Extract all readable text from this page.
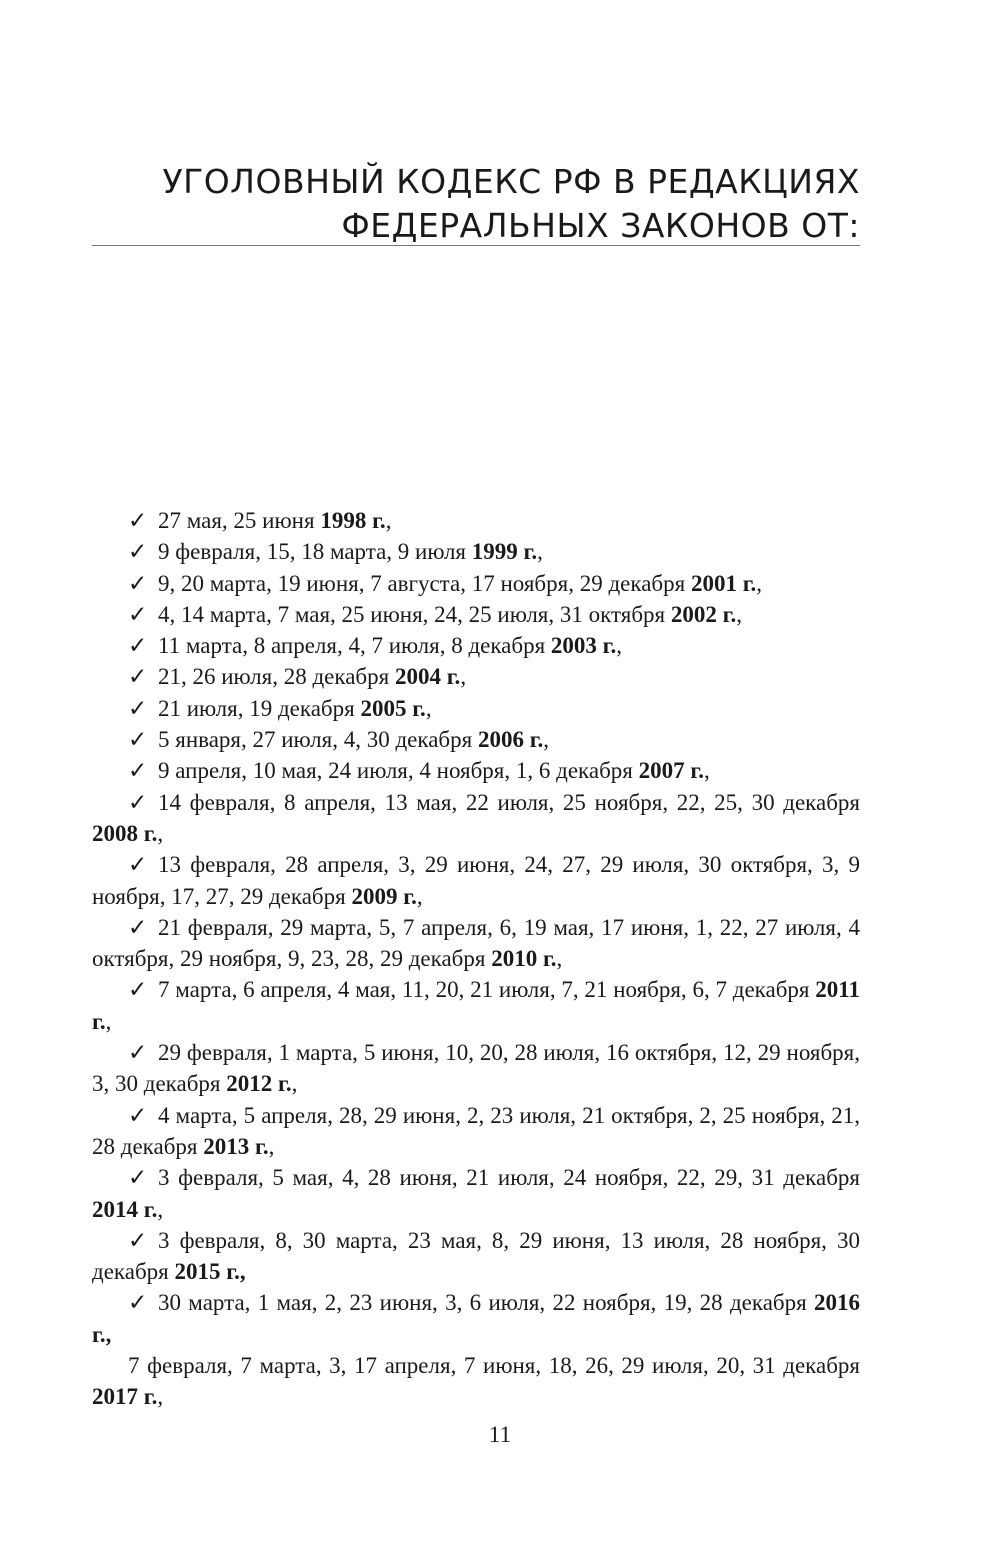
УГОЛОВНЫЙ КОДЕКС РФ В РЕДАКЦИЯХ
ФЕДЕРАЛЬНЫХ ЗАКОНОВ ОТ:

✓ 27 мая, 25 июня 1998 г.,

✓ 9 февраля, 15, 18 марта, 9 июля 1999 г.,

✓ 9, 20 марта, 19 июня, 7 августа, 17 ноября, 29 декабря 2001 г.,

✓ 4, 14 марта, 7 мая, 25 июня, 24, 25 июля, 31 октября 2002 г.,

✓ 11 марта, 8 апреля, 4, 7 июля, 8 декабря 2003 г.,

✓ 21, 26 июля, 28 декабря 2004 г.,

✓ 21 июля, 19 декабря 2005 г.,

✓ 5 января, 27 июля, 4, 30 декабря 2006 г.,

✓ 9 апреля, 10 мая, 24 июля, 4 ноября, 1, 6 декабря 2007 г.,

✓ 14 февраля, 8 апреля, 13 мая, 22 июля, 25 ноября, 22, 25, 30 декабря 2008 г.,

✓ 13 февраля, 28 апреля, 3, 29 июня, 24, 27, 29 июля, 30 октября, 3, 9 ноября, 17, 27, 29 декабря 2009 г.,

✓ 21 февраля, 29 марта, 5, 7 апреля, 6, 19 мая, 17 июня, 1, 22, 27 июля, 4 октября, 29 ноября, 9, 23, 28, 29 декабря 2010 г.,

✓ 7 марта, 6 апреля, 4 мая, 11, 20, 21 июля, 7, 21 ноября, 6, 7 декабря 2011 г.,

✓ 29 февраля, 1 марта, 5 июня, 10, 20, 28 июля, 16 октября, 12, 29 ноября, 3, 30 декабря 2012 г.,

✓ 4 марта, 5 апреля, 28, 29 июня, 2, 23 июля, 21 октября, 2, 25 ноября, 21, 28 декабря 2013 г.,

✓ 3 февраля, 5 мая, 4, 28 июня, 21 июля, 24 ноября, 22, 29, 31 декабря 2014 г.,

✓ 3 февраля, 8, 30 марта, 23 мая, 8, 29 июня, 13 июля, 28 ноября, 30 декабря 2015 г.,

✓ 30 марта, 1 мая, 2, 23 июня, 3, 6 июля, 22 ноября, 19, 28 декабря 2016 г.,

7 февраля, 7 марта, 3, 17 апреля, 7 июня, 18, 26, 29 июля, 20, 31 декабря 2017 г.,

11
